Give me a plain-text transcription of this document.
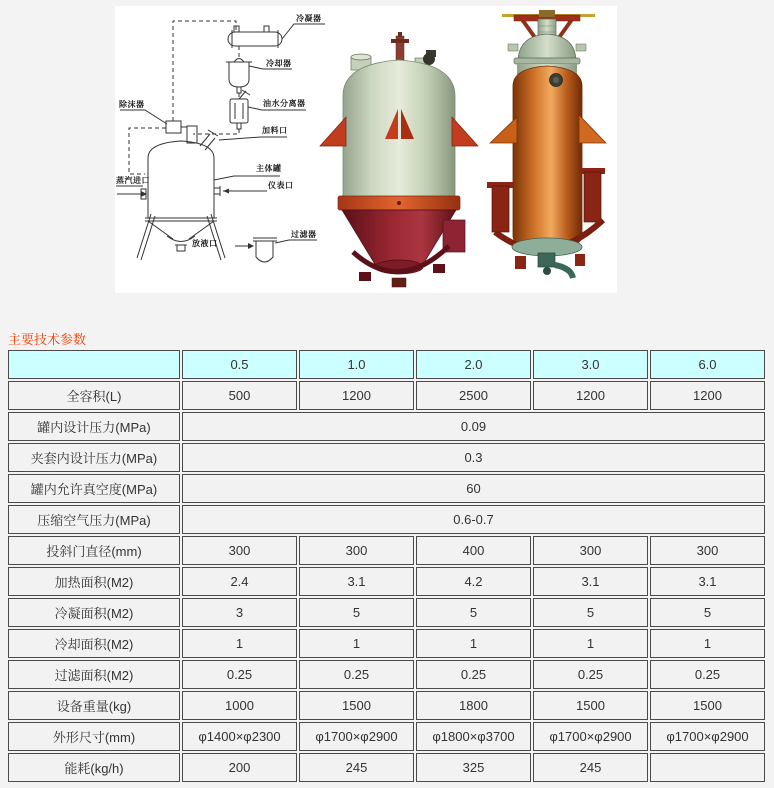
冷凝器
冷却器
油水分离器
除沫器
加料口
主体罐
仪表口
蒸汽进口
放液口
过滤器
主要技术参数
	0.5	1.0	2.0	3.0	6.0
全容积(L)	500	1200	2500	1200	1200
罐内设计压力(MPa)	0.09				
夹套内设计压力(MPa)	0.3				
罐内允许真空度(MPa)	60				
压缩空气压力(MPa)	0.6-0.7				
投斜门直径(mm)	300	300	400	300	300
加热面积(M2)	2.4	3.1	4.2	3.1	3.1
冷凝面积(M2)	3	5	5	5	5
冷却面积(M2)	1	1	1	1	1
过滤面积(M2)	0.25	0.25	0.25	0.25	0.25
设备重量(kg)	1000	1500	1800	1500	1500
外形尺寸(mm)	φ1400×φ2300	φ1700×φ2900	φ1800×φ3700	φ1700×φ2900	φ1700×φ2900
能耗(kg/h)	200	245	325	245	
